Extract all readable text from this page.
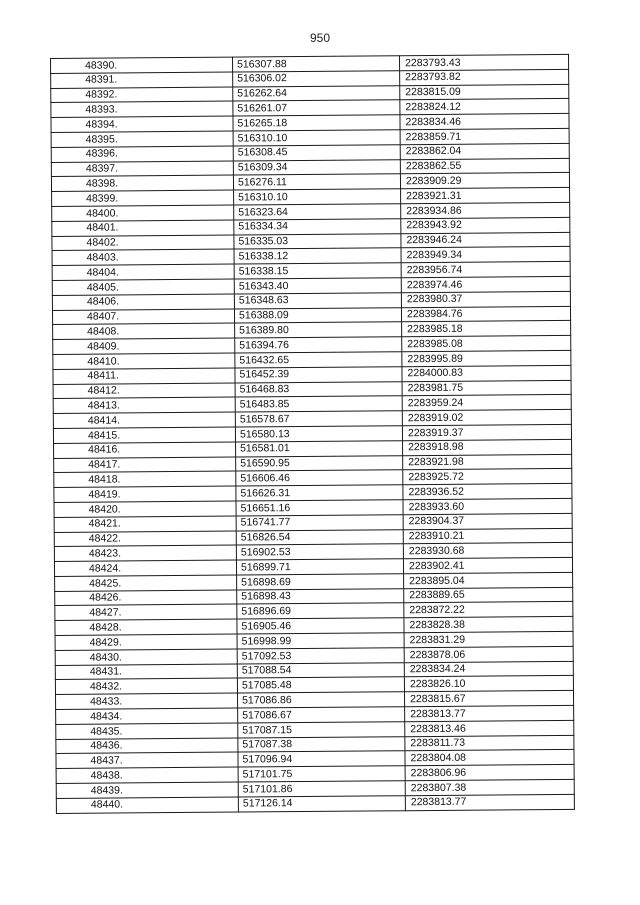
950
48390.	516307.88	2283793.43
48391.	516306.02	2283793.82
48392.	516262.64	2283815.09
48393.	516261.07	2283824.12
48394.	516265.18	2283834.46
48395.	516310.10	2283859.71
48396.	516308.45	2283862.04
48397.	516309.34	2283862.55
48398.	516276.11	2283909.29
48399.	516310.10	2283921.31
48400.	516323.64	2283934.86
48401.	516334.34	2283943.92
48402.	516335.03	2283946.24
48403.	516338.12	2283949.34
48404.	516338.15	2283956.74
48405.	516343.40	2283974.46
48406.	516348.63	2283980.37
48407.	516388.09	2283984.76
48408.	516389.80	2283985.18
48409.	516394.76	2283985.08
48410.	516432.65	2283995.89
48411.	516452.39	2284000.83
48412.	516468.83	2283981.75
48413.	516483.85	2283959.24
48414.	516578.67	2283919.02
48415.	516580.13	2283919.37
48416.	516581.01	2283918.98
48417.	516590.95	2283921.98
48418.	516606.46	2283925.72
48419.	516626.31	2283936.52
48420.	516651.16	2283933.60
48421.	516741.77	2283904.37
48422.	516826.54	2283910.21
48423.	516902.53	2283930.68
48424.	516899.71	2283902.41
48425.	516898.69	2283895.04
48426.	516898.43	2283889.65
48427.	516896.69	2283872.22
48428.	516905.46	2283828.38
48429.	516998.99	2283831.29
48430.	517092.53	2283878.06
48431.	517088.54	2283834.24
48432.	517085.48	2283826.10
48433.	517086.86	2283815.67
48434.	517086.67	2283813.77
48435.	517087.15	2283813.46
48436.	517087.38	2283811.73
48437.	517096.94	2283804.08
48438.	517101.75	2283806.96
48439.	517101.86	2283807.38
48440.	517126.14	2283813.77
